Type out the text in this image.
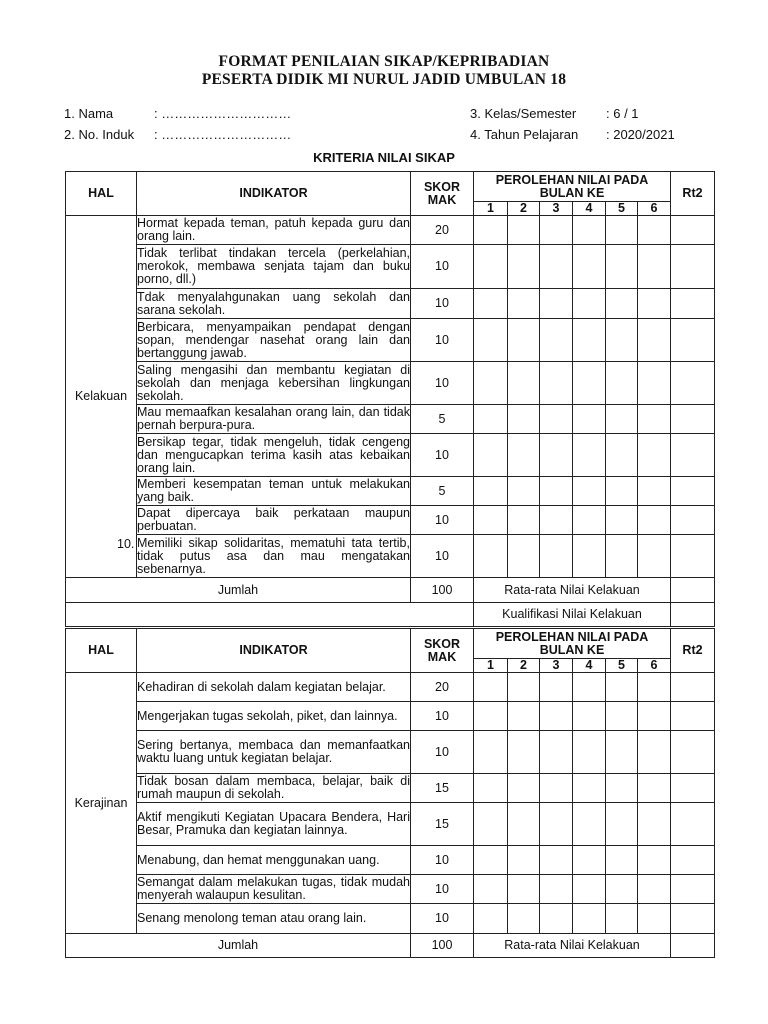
FORMAT PENILAIAN SIKAP/KEPRIBADIAN
PESERTA DIDIK MI NURUL JADID UMBULAN 18
1. Nama	: …………………………
2. No. Induk : …………………………
3. Kelas/Semester : 6 / 1
4. Tahun Pelajaran : 2020/2021
KRITERIA NILAI SIKAP
HAL	INDIKATOR	SKOR MAK	PEROLEHAN NILAI PADA BULAN KE						Rt2
			1	2	3	4	5	6	
Kelakuan	Hormat kepada teman, patuh kepada guru dan orang lain.	20							
	Tidak terlibat tindakan tercela (perkelahian, merokok, membawa senjata tajam dan buku porno, dll.)	10							
	Tdak menyalahgunakan uang sekolah dan sarana sekolah.	10							
	Berbicara, menyampaikan pendapat dengan sopan, mendengar nasehat orang lain dan bertanggung jawab.	10							
	Saling mengasihi dan membantu kegiatan di sekolah dan menjaga kebersihan lingkungan sekolah.	10							
	Mau memaafkan kesalahan orang lain, dan tidak pernah berpura-pura.	5							
	Bersikap tegar, tidak mengeluh, tidak cengeng dan mengucapkan terima kasih atas kebaikan orang lain.	10							
	Memberi kesempatan teman untuk melakukan yang baik.	5							
	Dapat dipercaya baik perkataan maupun perbuatan.	10							
	Memiliki sikap solidaritas, mematuhi tata tertib, tidak putus asa dan mau mengatakan sebenarnya.	10							
Jumlah		100	Rata-rata Nilai Kelakuan						
			Kualifikasi Nilai Kelakuan						
10.
HAL	INDIKATOR	SKOR MAK	PEROLEHAN NILAI PADA BULAN KE						Rt2
			1	2	3	4	5	6	
Kerajinan	Kehadiran di sekolah dalam kegiatan belajar.	20							
	Mengerjakan tugas sekolah, piket, dan lainnya.	10							
	Sering bertanya, membaca dan memanfaatkan waktu luang untuk kegiatan belajar.	10							
	Tidak bosan dalam membaca, belajar, baik di rumah maupun di sekolah.	15							
	Aktif mengikuti Kegiatan Upacara Bendera, Hari Besar, Pramuka dan kegiatan lainnya.	15							
	Menabung, dan hemat menggunakan uang.	10							
	Semangat dalam melakukan tugas, tidak mudah menyerah walaupun kesulitan.	10							
	Senang menolong teman atau orang lain.	10							
Jumlah		100	Rata-rata Nilai Kelakuan						
